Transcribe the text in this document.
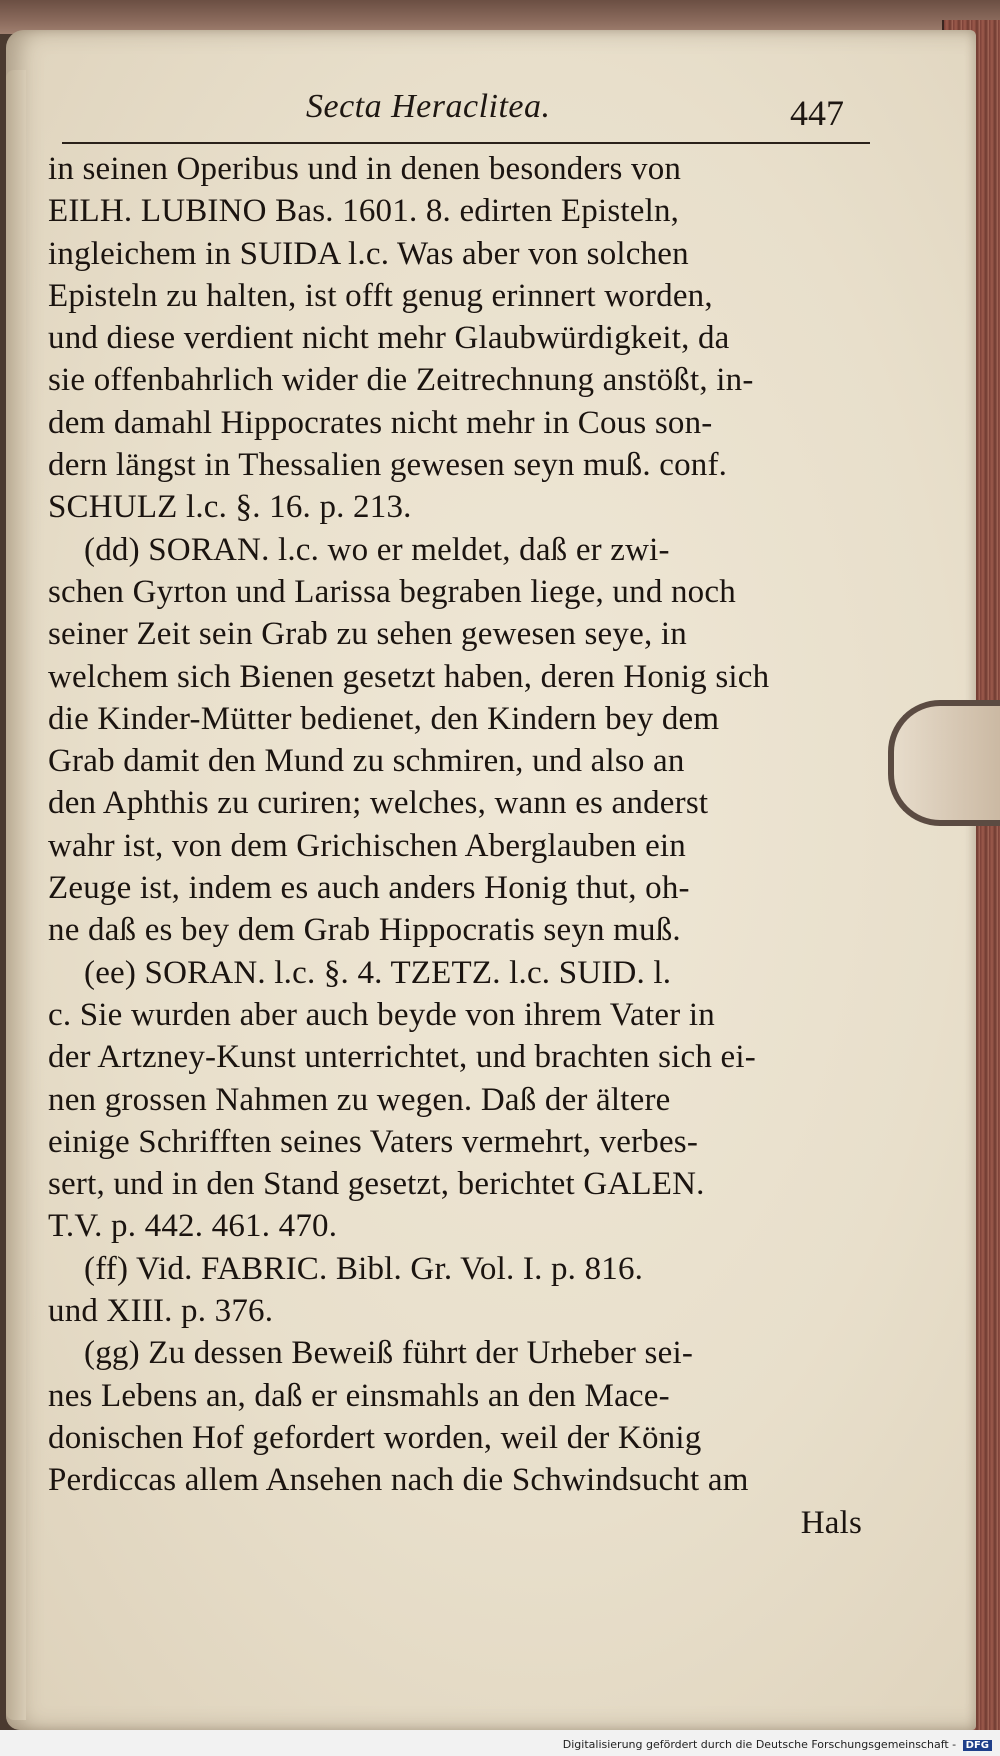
Secta Heraclitea.	447
in seinen Operibus und in denen besonders von
EILH. LUBINO Bas. 1601. 8. edirten Episteln,
ingleichem in SUIDA l.c. Was aber von solchen
Episteln zu halten, ist offt genug erinnert worden,
und diese verdient nicht mehr Glaubwürdigkeit, da
sie offenbahrlich wider die Zeitrechnung anstößt, in-
dem damahl Hippocrates nicht mehr in Cous son-
dern längst in Thessalien gewesen seyn muß. conf.
SCHULZ l.c. §. 16. p. 213.
(dd) SORAN. l.c. wo er meldet, daß er zwi-
schen Gyrton und Larissa begraben liege, und noch
seiner Zeit sein Grab zu sehen gewesen seye, in
welchem sich Bienen gesetzt haben, deren Honig sich
die Kinder-Mütter bedienet, den Kindern bey dem
Grab damit den Mund zu schmiren, und also an
den Aphthis zu curiren; welches, wann es anderst
wahr ist, von dem Grichischen Aberglauben ein
Zeuge ist, indem es auch anders Honig thut, oh-
ne daß es bey dem Grab Hippocratis seyn muß.
(ee) SORAN. l.c. §. 4. TZETZ. l.c. SUID. l.
c. Sie wurden aber auch beyde von ihrem Vater in
der Artzney-Kunst unterrichtet, und brachten sich ei-
nen grossen Nahmen zu wegen. Daß der ältere
einige Schrifften seines Vaters vermehrt, verbes-
sert, und in den Stand gesetzt, berichtet GALEN.
T.V. p. 442. 461. 470.
(ff) Vid. FABRIC. Bibl. Gr. Vol. I. p. 816.
und XIII. p. 376.
(gg) Zu dessen Beweiß führt der Urheber sei-
nes Lebens an, daß er einsmahls an den Mace-
donischen Hof gefordert worden, weil der König
Perdiccas allem Ansehen nach die Schwindsucht am
Hals
Digitalisierung gefördert durch die Deutsche Forschungsgemeinschaft - DFG
